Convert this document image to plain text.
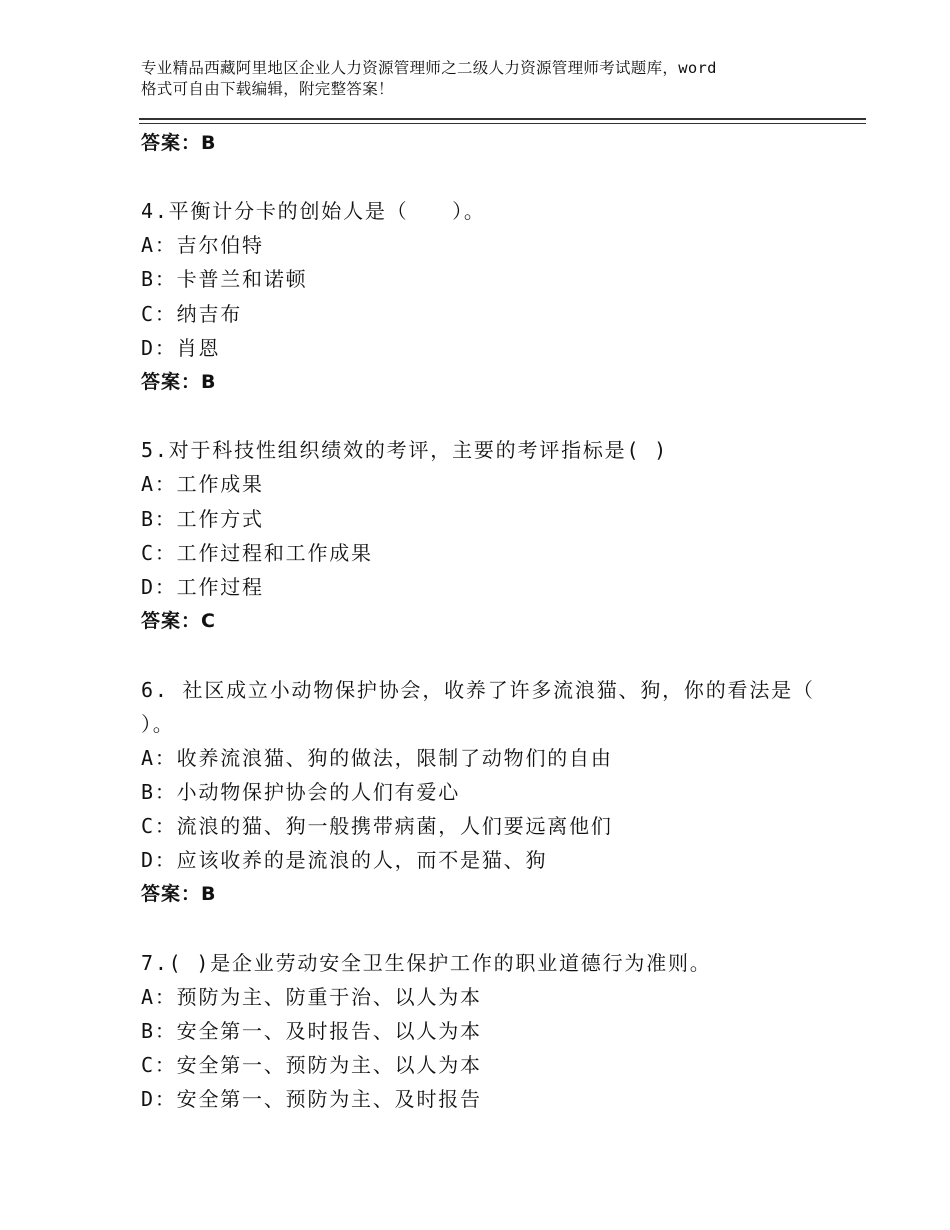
专业精品西藏阿里地区企业人力资源管理师之二级人力资源管理师考试题库，word
格式可自由下载编辑，附完整答案！
答案：B
4.平衡计分卡的创始人是（　　）。
A：吉尔伯特
B：卡普兰和诺顿
C：纳吉布
D：肖恩
答案：B
5.对于科技性组织绩效的考评，主要的考评指标是( )
A：工作成果
B：工作方式
C：工作过程和工作成果
D：工作过程
答案：C
6. 社区成立小动物保护协会，收养了许多流浪猫、狗，你的看法是（
）。
A：收养流浪猫、狗的做法，限制了动物们的自由
B：小动物保护协会的人们有爱心
C：流浪的猫、狗一般携带病菌，人们要远离他们
D：应该收养的是流浪的人，而不是猫、狗
答案：B
7.( )是企业劳动安全卫生保护工作的职业道德行为准则。
A：预防为主、防重于治、以人为本
B：安全第一、及时报告、以人为本
C：安全第一、预防为主、以人为本
D：安全第一、预防为主、及时报告
